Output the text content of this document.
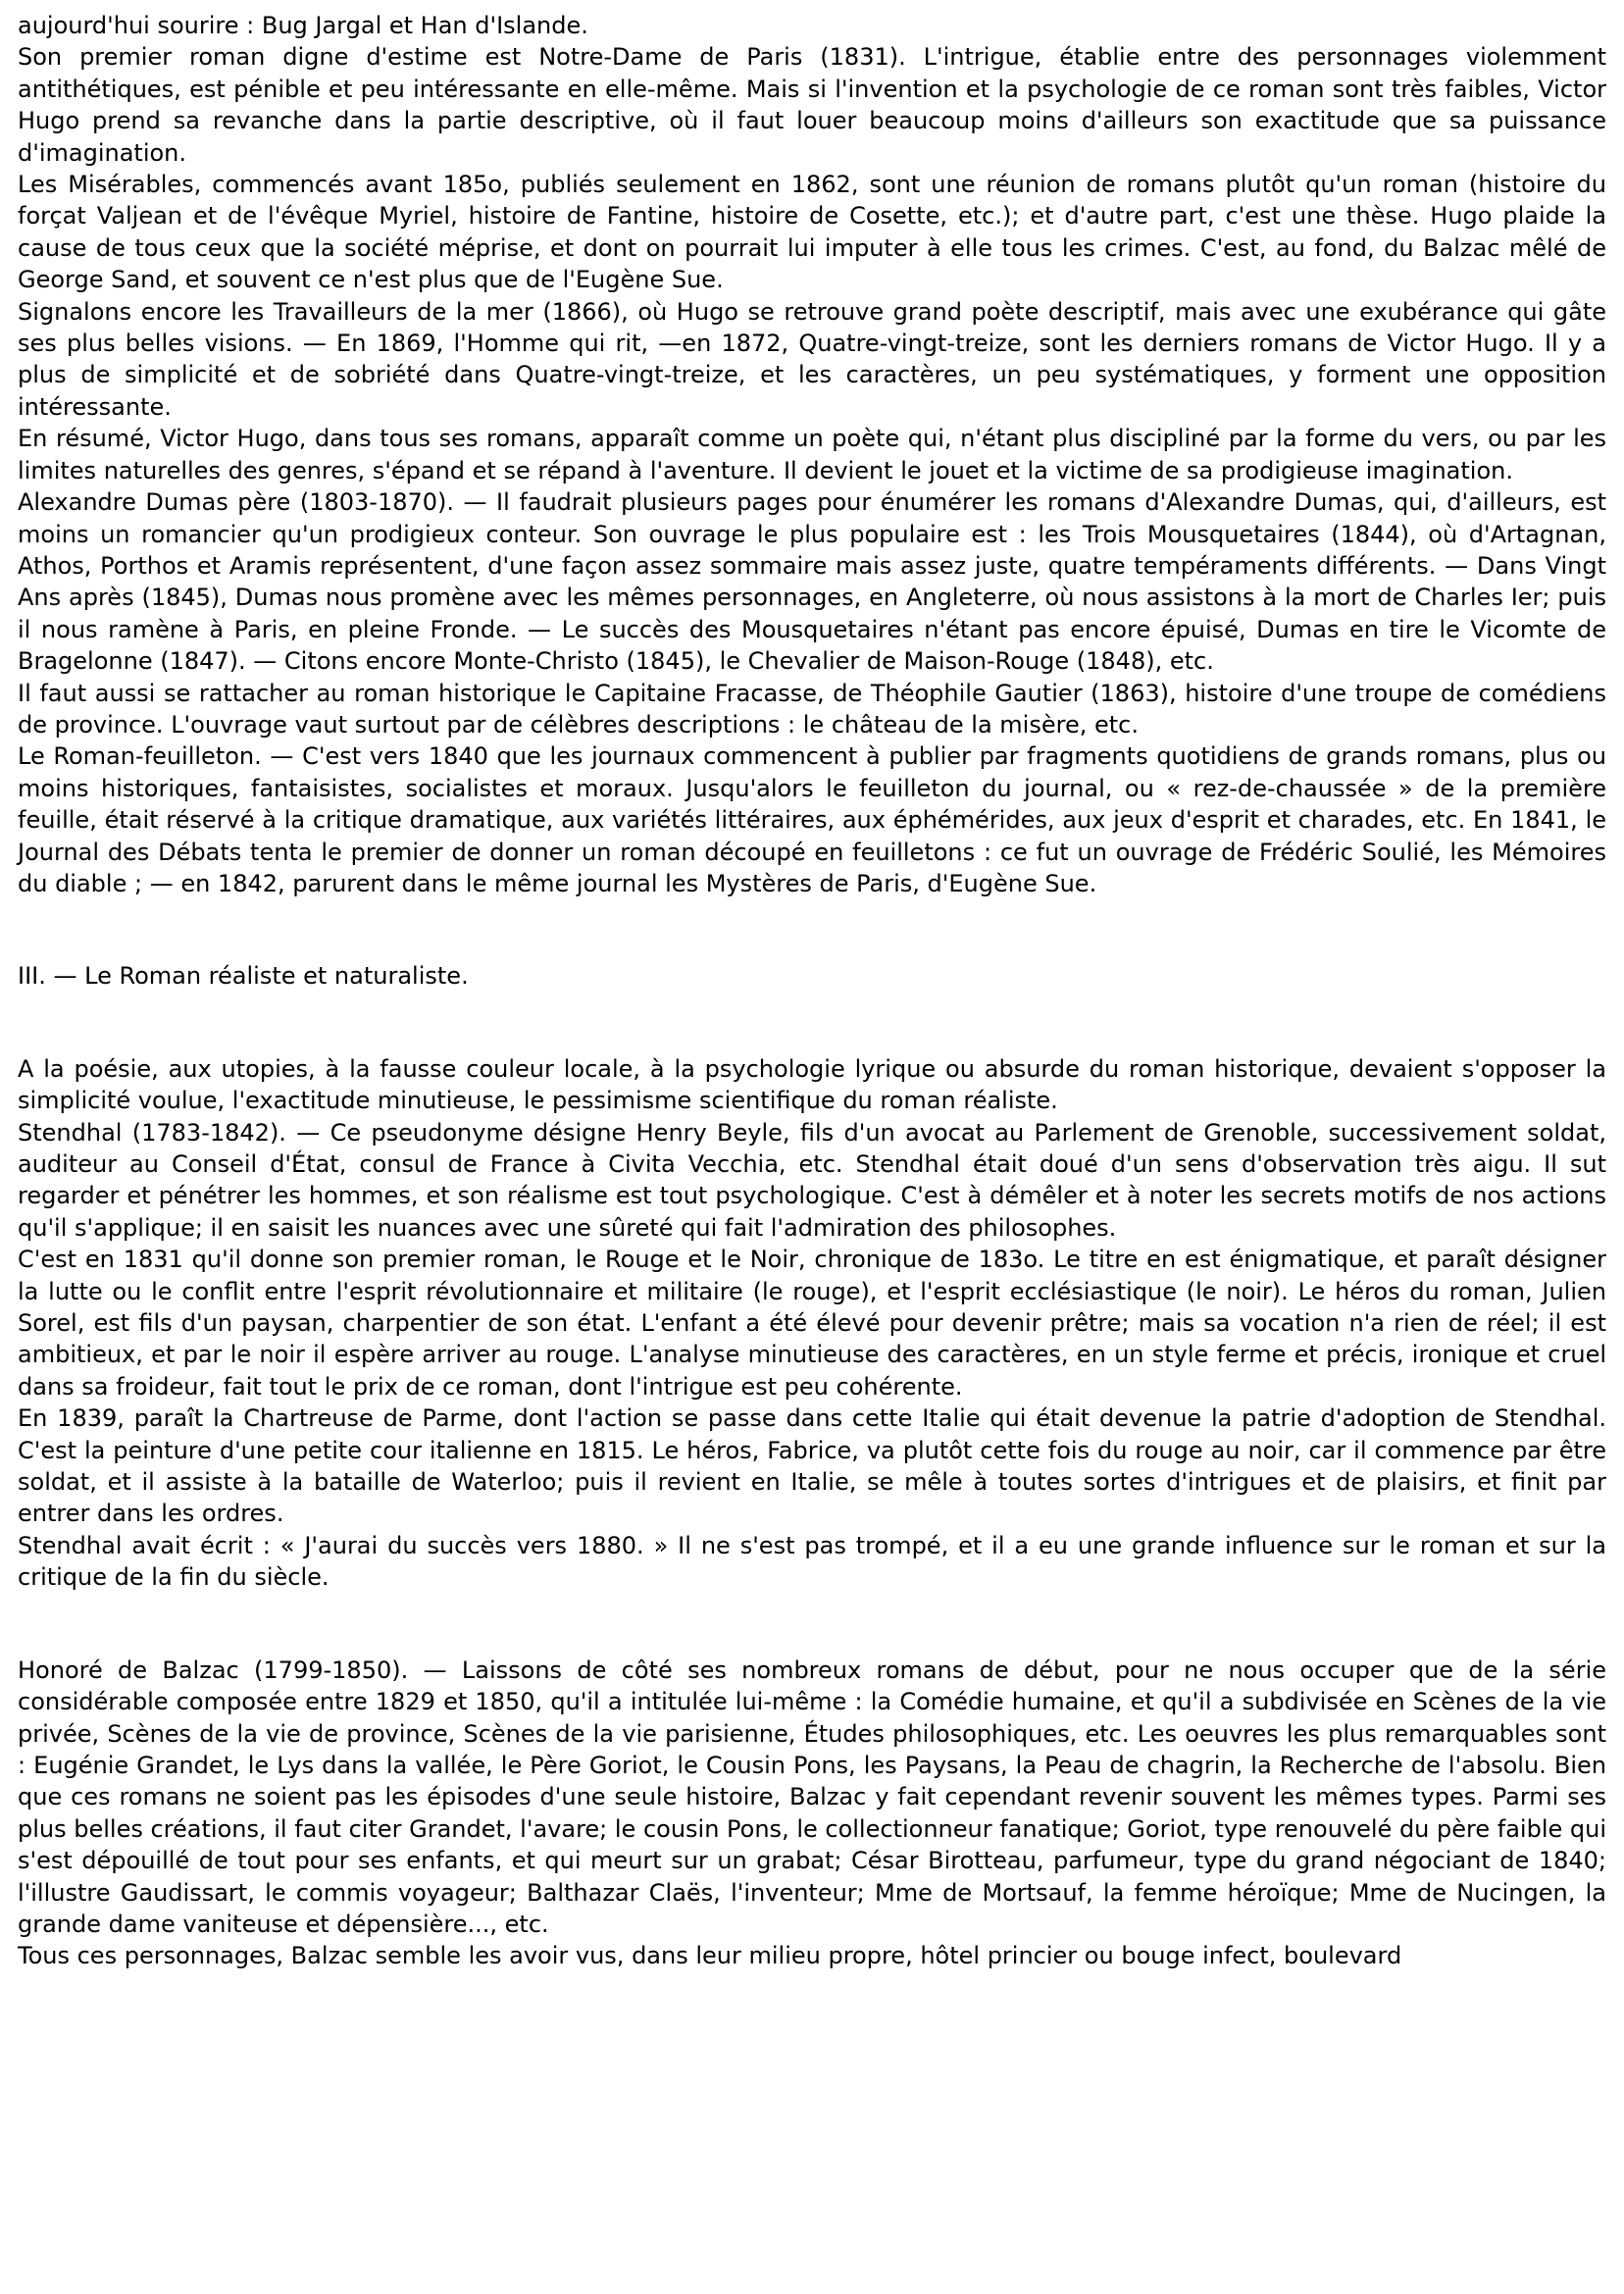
aujourd'hui sourire : Bug Jargal et Han d'Islande.

Son premier roman digne d'estime est Notre-Dame de Paris (1831). L'intrigue, établie entre des personnages violemment antithétiques, est pénible et peu intéressante en elle-même. Mais si l'invention et la psychologie de ce roman sont très faibles, Victor Hugo prend sa revanche dans la partie descriptive, où il faut louer beaucoup moins d'ailleurs son exactitude que sa puissance d'imagination.

Les Misérables, commencés avant 185o, publiés seulement en 1862, sont une réunion de romans plutôt qu'un roman (histoire du forçat Valjean et de l'évêque Myriel, histoire de Fantine, histoire de Cosette, etc.); et d'autre part, c'est une thèse. Hugo plaide la cause de tous ceux que la société méprise, et dont on pourrait lui imputer à elle tous les crimes. C'est, au fond, du Balzac mêlé de George Sand, et souvent ce n'est plus que de l'Eugène Sue.

Signalons encore les Travailleurs de la mer (1866), où Hugo se retrouve grand poète descriptif, mais avec une exubérance qui gâte ses plus belles visions. — En 1869, l'Homme qui rit, —en 1872, Quatre-vingt-treize, sont les derniers romans de Victor Hugo. Il y a plus de simplicité et de sobriété dans Quatre-vingt-treize, et les caractères, un peu systématiques, y forment une opposition intéressante.

En résumé, Victor Hugo, dans tous ses romans, apparaît comme un poète qui, n'étant plus discipliné par la forme du vers, ou par les limites naturelles des genres, s'épand et se répand à l'aventure. Il devient le jouet et la victime de sa prodigieuse imagination.

Alexandre Dumas père (1803-1870). — Il faudrait plusieurs pages pour énumérer les romans d'Alexandre Dumas, qui, d'ailleurs, est moins un romancier qu'un prodigieux conteur. Son ouvrage le plus populaire est : les Trois Mousquetaires (1844), où d'Artagnan, Athos, Porthos et Aramis représentent, d'une façon assez sommaire mais assez juste, quatre tempéraments différents. — Dans Vingt Ans après (1845), Dumas nous promène avec les mêmes personnages, en Angleterre, où nous assistons à la mort de Charles Ier; puis il nous ramène à Paris, en pleine Fronde. — Le succès des Mousquetaires n'étant pas encore épuisé, Dumas en tire le Vicomte de Bragelonne (1847). — Citons encore Monte-Christo (1845), le Chevalier de Maison-Rouge (1848), etc.

Il faut aussi se rattacher au roman historique le Capitaine Fracasse, de Théophile Gautier (1863), histoire d'une troupe de comédiens de province. L'ouvrage vaut surtout par de célèbres descriptions : le château de la misère, etc.

Le Roman-feuilleton. — C'est vers 1840 que les journaux commencent à publier par fragments quotidiens de grands romans, plus ou moins historiques, fantaisistes, socialistes et moraux. Jusqu'alors le feuilleton du journal, ou « rez-de-chaussée » de la première feuille, était réservé à la critique dramatique, aux variétés littéraires, aux éphémérides, aux jeux d'esprit et charades, etc. En 1841, le Journal des Débats tenta le premier de donner un roman découpé en feuilletons : ce fut un ouvrage de Frédéric Soulié, les Mémoires du diable ; — en 1842, parurent dans le même journal les Mystères de Paris, d'Eugène Sue.

III. — Le Roman réaliste et naturaliste.

A la poésie, aux utopies, à la fausse couleur locale, à la psychologie lyrique ou absurde du roman historique, devaient s'opposer la simplicité voulue, l'exactitude minutieuse, le pessimisme scientifique du roman réaliste.

Stendhal (1783-1842). — Ce pseudonyme désigne Henry Beyle, fils d'un avocat au Parlement de Grenoble, successivement soldat, auditeur au Conseil d'État, consul de France à Civita Vecchia, etc. Stendhal était doué d'un sens d'observation très aigu. Il sut regarder et pénétrer les hommes, et son réalisme est tout psychologique. C'est à démêler et à noter les secrets motifs de nos actions qu'il s'applique; il en saisit les nuances avec une sûreté qui fait l'admiration des philosophes.

C'est en 1831 qu'il donne son premier roman, le Rouge et le Noir, chronique de 183o. Le titre en est énigmatique, et paraît désigner la lutte ou le conflit entre l'esprit révolutionnaire et militaire (le rouge), et l'esprit ecclésiastique (le noir). Le héros du roman, Julien Sorel, est fils d'un paysan, charpentier de son état. L'enfant a été élevé pour devenir prêtre; mais sa vocation n'a rien de réel; il est ambitieux, et par le noir il espère arriver au rouge. L'analyse minutieuse des caractères, en un style ferme et précis, ironique et cruel dans sa froideur, fait tout le prix de ce roman, dont l'intrigue est peu cohérente.

En 1839, paraît la Chartreuse de Parme, dont l'action se passe dans cette Italie qui était devenue la patrie d'adoption de Stendhal. C'est la peinture d'une petite cour italienne en 1815. Le héros, Fabrice, va plutôt cette fois du rouge au noir, car il commence par être soldat, et il assiste à la bataille de Waterloo; puis il revient en Italie, se mêle à toutes sortes d'intrigues et de plaisirs, et finit par entrer dans les ordres.

Stendhal avait écrit : « J'aurai du succès vers 1880. » Il ne s'est pas trompé, et il a eu une grande influence sur le roman et sur la critique de la fin du siècle.

Honoré de Balzac (1799-1850). — Laissons de côté ses nombreux romans de début, pour ne nous occuper que de la série considérable composée entre 1829 et 1850, qu'il a intitulée lui-même : la Comédie humaine, et qu'il a subdivisée en Scènes de la vie privée, Scènes de la vie de province, Scènes de la vie parisienne, Études philosophiques, etc. Les oeuvres les plus remarquables sont : Eugénie Grandet, le Lys dans la vallée, le Père Goriot, le Cousin Pons, les Paysans, la Peau de chagrin, la Recherche de l'absolu. Bien que ces romans ne soient pas les épisodes d'une seule histoire, Balzac y fait cependant revenir souvent les mêmes types. Parmi ses plus belles créations, il faut citer Grandet, l'avare; le cousin Pons, le collectionneur fanatique; Goriot, type renouvelé du père faible qui s'est dépouillé de tout pour ses enfants, et qui meurt sur un grabat; César Birotteau, parfumeur, type du grand négociant de 1840; l'illustre Gaudissart, le commis voyageur; Balthazar Claës, l'inventeur; Mme de Mortsauf, la femme héroïque; Mme de Nucingen, la grande dame vaniteuse et dépensière..., etc.

Tous ces personnages, Balzac semble les avoir vus, dans leur milieu propre, hôtel princier ou bouge infect, boulevard
